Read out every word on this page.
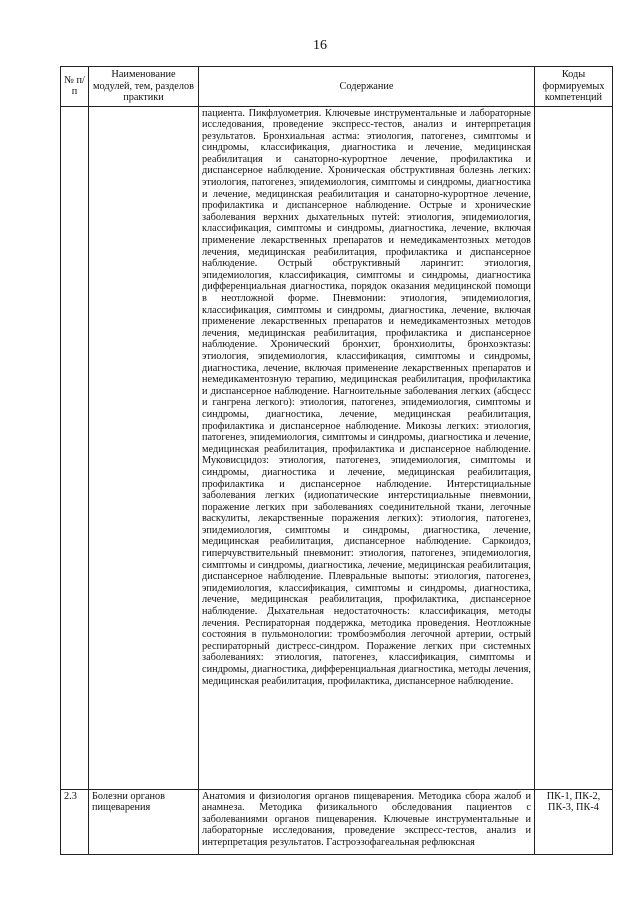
16
№ п/п	Наименование модулей, тем, разделов практики	Содержание	Коды формируемых компетенций
		пациента. Пикфлуометрия. Ключевые инструментальные и лабораторные исследования, проведение экспресс-тестов, анализ и интерпретация результатов. Бронхиальная астма: этиология, патогенез, симптомы и синдромы, классификация, диагностика и лечение, медицинская реабилитация и санаторно-курортное лечение, профилактика и диспансерное наблюдение. Хроническая обструктивная болезнь легких: этиология, патогенез, эпидемиология, симптомы и синдромы, диагностика и лечение, медицинская реабилитация и санаторно-курортное лечение, профилактика и диспансерное наблюдение. Острые и хронические заболевания верхних дыхательных путей: этиология, эпидемиология, классификация, симптомы и синдромы, диагностика, лечение, включая применение лекарственных препаратов и немедикаментозных методов лечения, медицинская реабилитация, профилактика и диспансерное наблюдение. Острый обструктивный ларингит: этиология, эпидемиология, классификация, симптомы и синдромы, диагностика дифференциальная диагностика, порядок оказания медицинской помощи в неотложной форме. Пневмонии: этиология, эпидемиология, классификация, симптомы и синдромы, диагностика, лечение, включая применение лекарственных препаратов и немедикаментозных методов лечения, медицинская реабилитация, профилактика и диспансерное наблюдение. Хронический бронхит, бронхиолиты, бронхоэктазы: этиология, эпидемиология, классификация, симптомы и синдромы, диагностика, лечение, включая применение лекарственных препаратов и немедикаментозную терапию, медицинская реабилитация, профилактика и диспансерное наблюдение. Нагноительные заболевания легких (абсцесс и гангрена легкого): этиология, патогенез, эпидемиология, симптомы и синдромы, диагностика, лечение, медицинская реабилитация, профилактика и диспансерное наблюдение. Микозы легких: этиология, патогенез, эпидемиология, симптомы и синдромы, диагностика и лечение, медицинская реабилитация, профилактика и диспансерное наблюдение. Муковисцидоз: этиология, патогенез, эпидемиология, симптомы и синдромы, диагностика и лечение, медицинская реабилитация, профилактика и диспансерное наблюдение. Интерстициальные заболевания легких (идиопатические интерстициальные пневмонии, поражение легких при заболеваниях соединительной ткани, легочные васкулиты, лекарственные поражения легких): этиология, патогенез, эпидемиология, симптомы и синдромы, диагностика, лечение, медицинская реабилитация, диспансерное наблюдение. Саркоидоз, гиперчувствительный пневмонит: этиология, патогенез, эпидемиология, симптомы и синдромы, диагностика, лечение, медицинская реабилитация, диспансерное наблюдение. Плевральные выпоты: этиология, патогенез, эпидемиология, классификация, симптомы и синдромы, диагностика, лечение, медицинская реабилитация, профилактика, диспансерное наблюдение. Дыхательная недостаточность: классификация, методы лечения. Респираторная поддержка, методика проведения. Неотложные состояния в пульмонологии: тромбоэмболия легочной артерии, острый респираторный дистресс-синдром. Поражение легких при системных заболеваниях: этиология, патогенез, классификация, симптомы и синдромы, диагностика, дифференциальная диагностика, методы лечения, медицинская реабилитация, профилактика, диспансерное наблюдение.	
2.3	Болезни органов пищеварения	Анатомия и физиология органов пищеварения. Методика сбора жалоб и анамнеза. Методика физикального обследования пациентов с заболеваниями органов пищеварения. Ключевые инструментальные и лабораторные исследования, проведение экспресс-тестов, анализ и интерпретация результатов. Гастроэзофагеальная рефлюксная	ПК-1, ПК-2, ПК-3, ПК-4
